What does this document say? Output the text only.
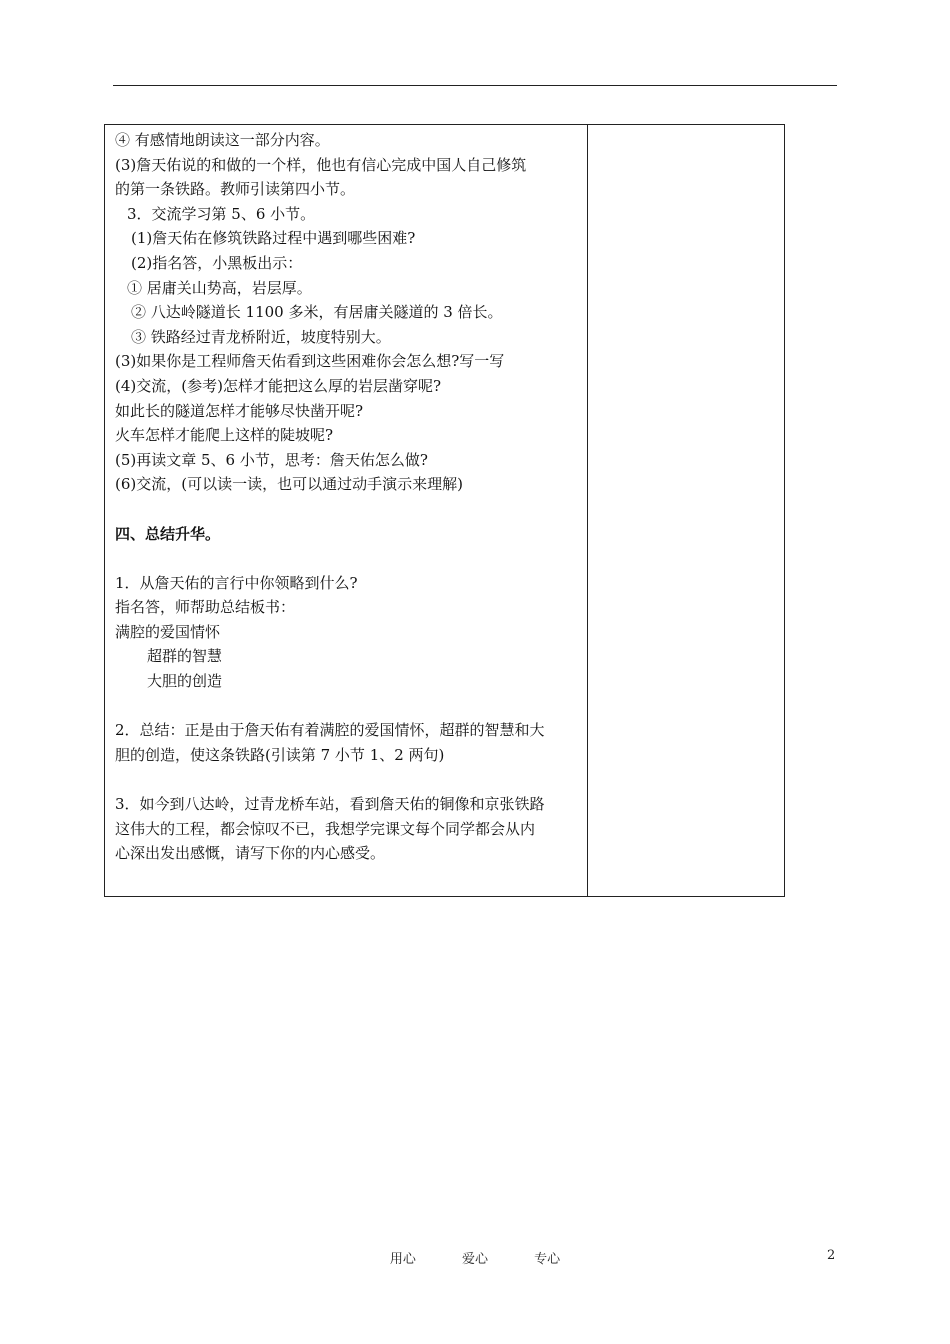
④ 有感情地朗读这一部分内容。
(3)詹天佑说的和做的一个样，他也有信心完成中国人自己修筑
的第一条铁路。教师引读第四小节。
3．交流学习第 5、6 小节。
(1)詹天佑在修筑铁路过程中遇到哪些困难?
(2)指名答，小黑板出示：
① 居庸关山势高，岩层厚。
② 八达岭隧道长 1100 多米，有居庸关隧道的 3 倍长。
③ 铁路经过青龙桥附近，坡度特别大。
(3)如果你是工程师詹天佑看到这些困难你会怎么想?写一写
(4)交流，(参考)怎样才能把这么厚的岩层凿穿呢?
如此长的隧道怎样才能够尽快凿开呢?
火车怎样才能爬上这样的陡坡呢?
(5)再读文章 5、6 小节，思考：詹天佑怎么做?
(6)交流，(可以读一读，也可以通过动手演示来理解)
四、总结升华。
1．从詹天佑的言行中你领略到什么?
指名答，师帮助总结板书：
满腔的爱国情怀
超群的智慧
大胆的创造
2．总结：正是由于詹天佑有着满腔的爱国情怀，超群的智慧和大
胆的创造，使这条铁路(引读第 7 小节 1、2 两句)
3．如今到八达岭，过青龙桥车站，看到詹天佑的铜像和京张铁路
这伟大的工程，都会惊叹不已，我想学完课文每个同学都会从内
心深出发出感慨，请写下你的内心感受。

用心	爱心	专心	2
